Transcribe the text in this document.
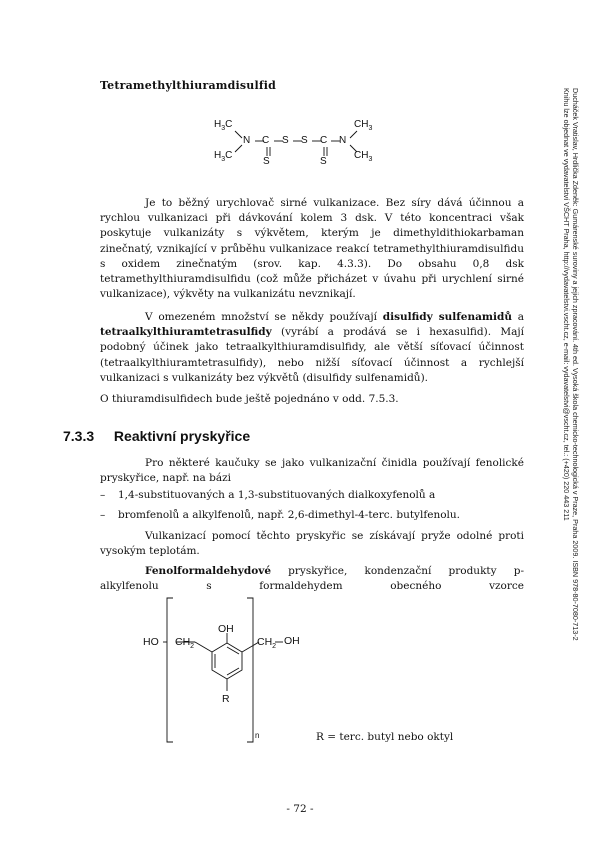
Tetramethylthiuramdisulfid
$H_3C$
$H_3C$
N C S S C N
$CH_3$
$CH_3$
S	S

Je to běžný urychlovač sirné vulkanizace. Bez síry dává účinnou a rychlou vulkanizaci při dávkování kolem 3 dsk. V této koncentraci však poskytuje vulkanizáty s výkvětem, kterým je dimethyldithiokarbaman zinečnatý, vznikající v průběhu vulkanizace reakcí tetramethylthiuramdisulfidu s oxidem zinečnatým (srov. kap. 4.3.3). Do obsahu 0,8 dsk tetramethylthiuramdisulfidu (což může přicházet v úvahu při urychlení sirné vulkanizace), výkvěty na vulkanizátu nevznikají.

V omezeném množství se někdy používají disulfidy sulfenamidů a tetraalkylthiuramtetrasulfidy (vyrábí a prodává se i hexasulfid). Mají podobný účinek jako tetraalkylthiuramdisulfidy, ale větší síťovací účinnost (tetraalkylthiuramtetrasulfidy), nebo nižší síťovací účinnost a rychlejší vulkanizaci s vulkanizáty bez výkvětů (disulfidy sulfenamidů).

O thiuramdisulfidech bude ještě pojednáno v odd. 7.5.3.

7.3.3 Reaktivní pryskyřice

Pro některé kaučuky se jako vulkanizační činidla používají fenolické pryskyřice, např. na bázi

– 1,4-substituovaných a 1,3-substituovaných dialkoxyfenolů a
– bromfenolů a alkylfenolů, např. 2,6-dimethyl-4-terc. butylfenolu.

Vulkanizací pomocí těchto pryskyřic se získávají pryže odolné proti vysokým teplotám.

Fenolformaldehydové pryskyřice, kondenzační produkty p-alkylfenolu s formaldehydem obecného vzorce

OH
HO $CH_2$	$CH_2$
R
n
OH
R = terc. butyl nebo oktyl
- 72 -
Ducháček Vratislav, Hrdlička Zdeněk: Gumárenské suroviny a jejich zpracování. 4th ed. Vysoká škola chemicko-technologická v Praze, Praha 2009. ISBN 978-80-7080-713-2
Knihu lze objednat ve vydavatelství VŠCHT Praha, http://vydavatelstvi.vscht.cz, e-mail: vydavatelstvi@vscht.cz, tel.: (+420) 220 443 211
